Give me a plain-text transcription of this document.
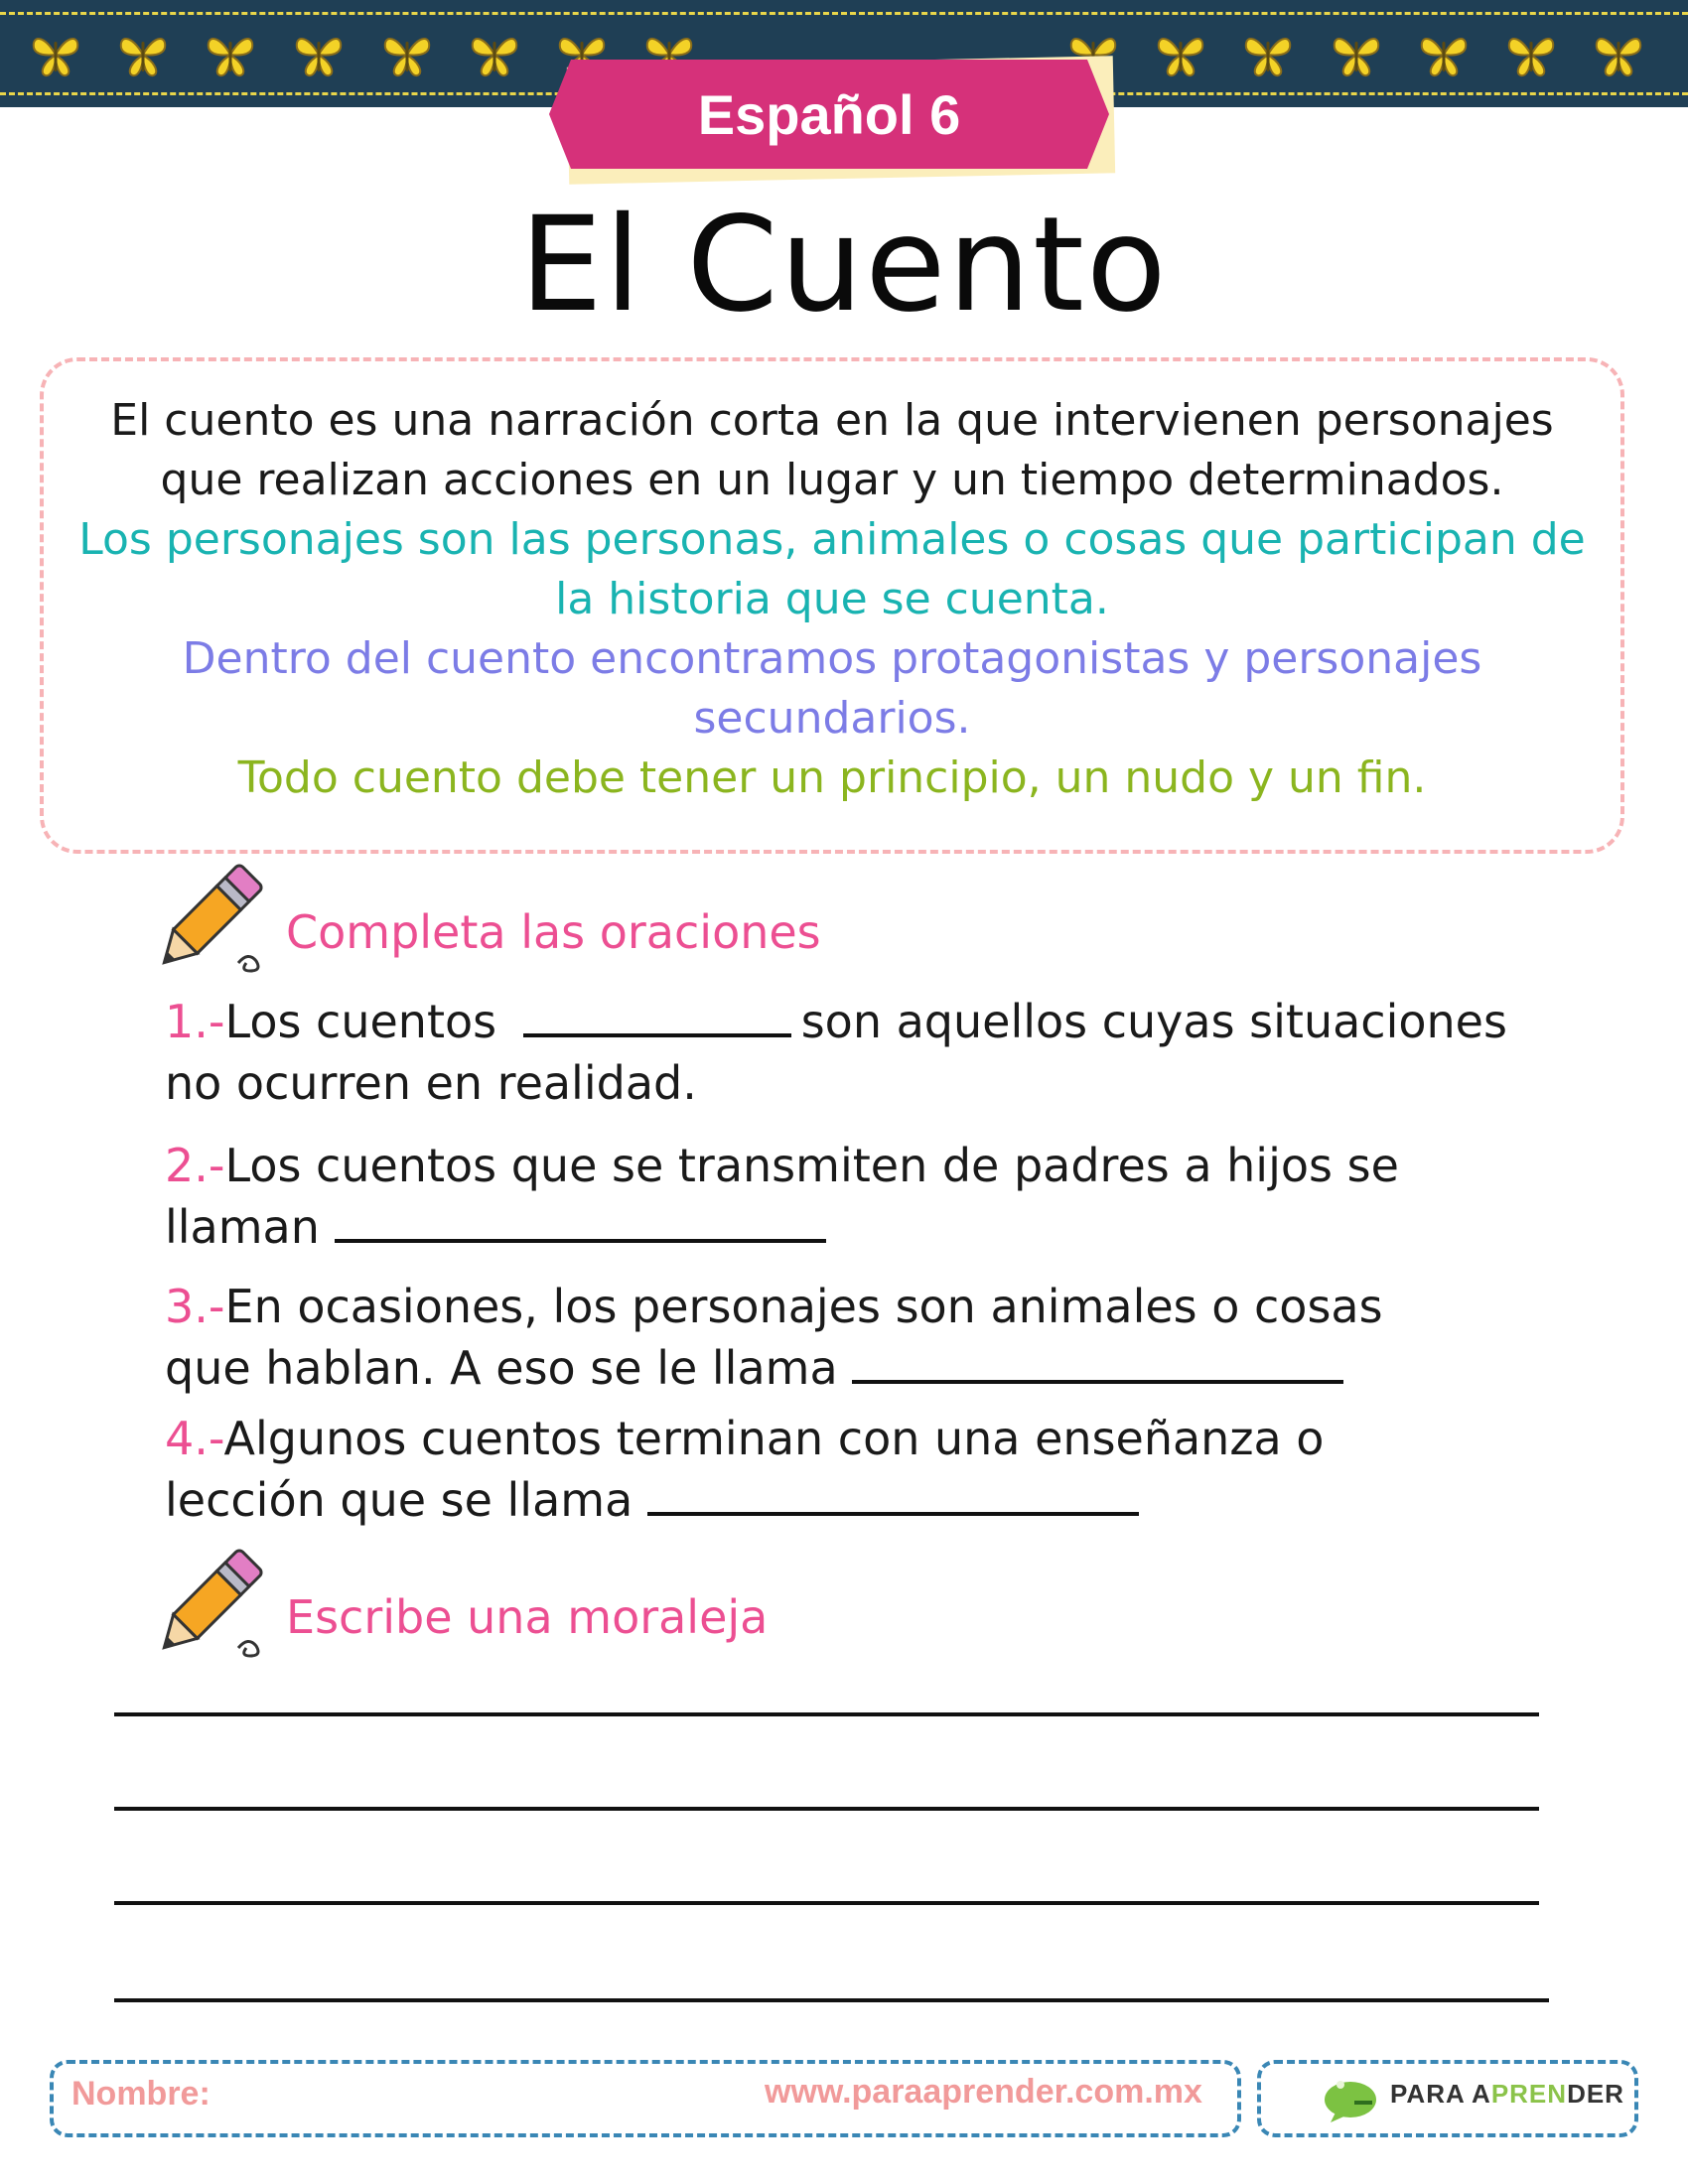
Español 6
El Cuento

El cuento es una narración corta en la que intervienen personajes que realizan acciones en un lugar y un tiempo determinados.

Los personajes son las personas, animales o cosas que participan de la historia que se cuenta.

Dentro del cuento encontramos protagonistas y personajes secundarios.

Todo cuento debe tener un principio, un nudo y un fin.

Completa las oraciones
1.-Los cuentos	son aquellos cuyas situaciones
no ocurren en realidad.
2.-Los cuentos que se transmiten de padres a hijos se
llaman
3.-En ocasiones, los personajes son animales o cosas
que hablan. A eso se le llama
4.-Algunos cuentos terminan con una enseñanza o
lección que se llama
Escribe una moraleja
Nombre:	www.paraaprender.com.mx	PARA APRENDER
